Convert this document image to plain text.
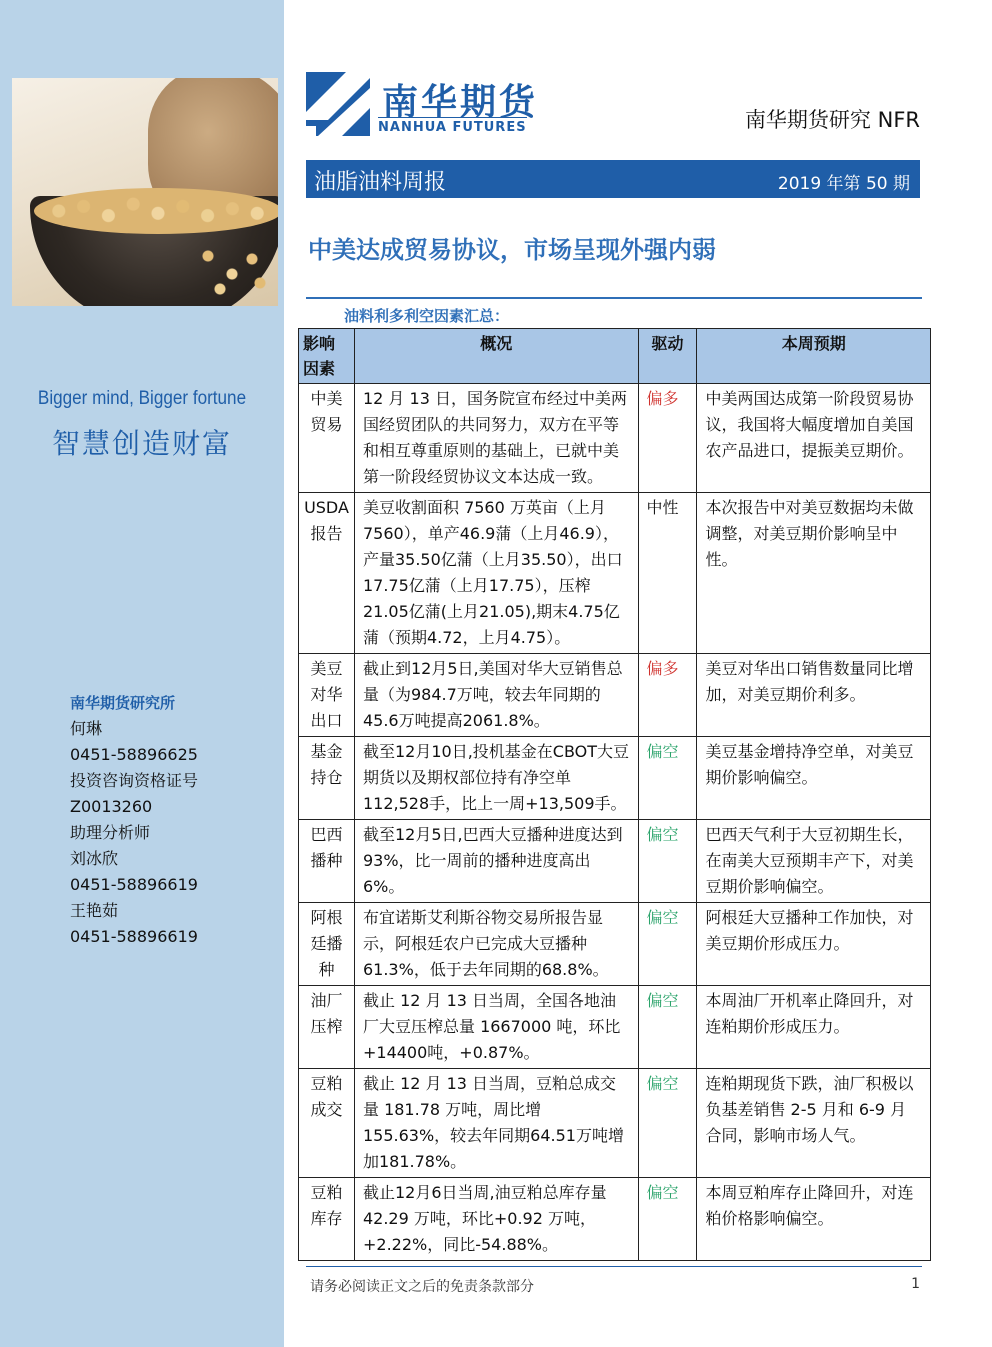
Bigger mind, Bigger fortune
智慧创造财富
南华期货研究所
何琳
0451-58896625
投资咨询资格证号
Z0013260
助理分析师
刘冰欣
0451-58896619
王艳茹
0451-58896619
南华期货
NANHUA FUTURES	南华期货研究 NFR
油脂油料周报	2019 年第 50 期
中美达成贸易协议，市场呈现外强内弱
油料利多利空因素汇总：
影响因素	概况	驱动	本周预期
中美贸易	12 月 13 日，国务院宣布经过中美两国经贸团队的共同努力，双方在平等和相互尊重原则的基础上，已就中美第一阶段经贸协议文本达成一致。	偏多	中美两国达成第一阶段贸易协议，我国将大幅度增加自美国农产品进口，提振美豆期价。
USDA 报告	美豆收割面积 7560 万英亩（上月7560），单产46.9蒲（上月46.9），产量35.50亿蒲（上月35.50），出口17.75亿蒲（上月17.75），压榨21.05亿蒲(上月21.05),期末4.75亿蒲（预期4.72，上月4.75）。	中性	本次报告中对美豆数据均未做调整，对美豆期价影响呈中性。
美豆对华出口	截止到12月5日,美国对华大豆销售总量（为984.7万吨，较去年同期的45.6万吨提高2061.8%。	偏多	美豆对华出口销售数量同比增加，对美豆期价利多。
基金持仓	截至12月10日,投机基金在CBOT大豆期货以及期权部位持有净空单112,528手，比上一周+13,509手。	偏空	美豆基金增持净空单，对美豆期价影响偏空。
巴西播种	截至12月5日,巴西大豆播种进度达到 93%，比一周前的播种进度高出6%。	偏空	巴西天气利于大豆初期生长，在南美大豆预期丰产下，对美豆期价影响偏空。
阿根廷播种	布宜诺斯艾利斯谷物交易所报告显示，阿根廷农户已完成大豆播种61.3%，低于去年同期的68.8%。	偏空	阿根廷大豆播种工作加快，对美豆期价形成压力。
油厂压榨	截止 12 月 13 日当周，全国各地油厂大豆压榨总量 1667000 吨，环比+14400吨，+0.87%。	偏空	本周油厂开机率止降回升，对连粕期价形成压力。
豆粕成交	截止 12 月 13 日当周，豆粕总成交量 181.78 万吨，周比增 155.63%，较去年同期64.51万吨增加181.78%。	偏空	连粕期现货下跌，油厂积极以负基差销售 2-5 月和 6-9 月合同，影响市场人气。
豆粕库存	截止12月6日当周,油豆粕总库存量 42.29 万吨，环比+0.92 万吨，+2.22%，同比-54.88%。	偏空	本周豆粕库存止降回升，对连粕价格影响偏空。
请务必阅读正文之后的免责条款部分	1
